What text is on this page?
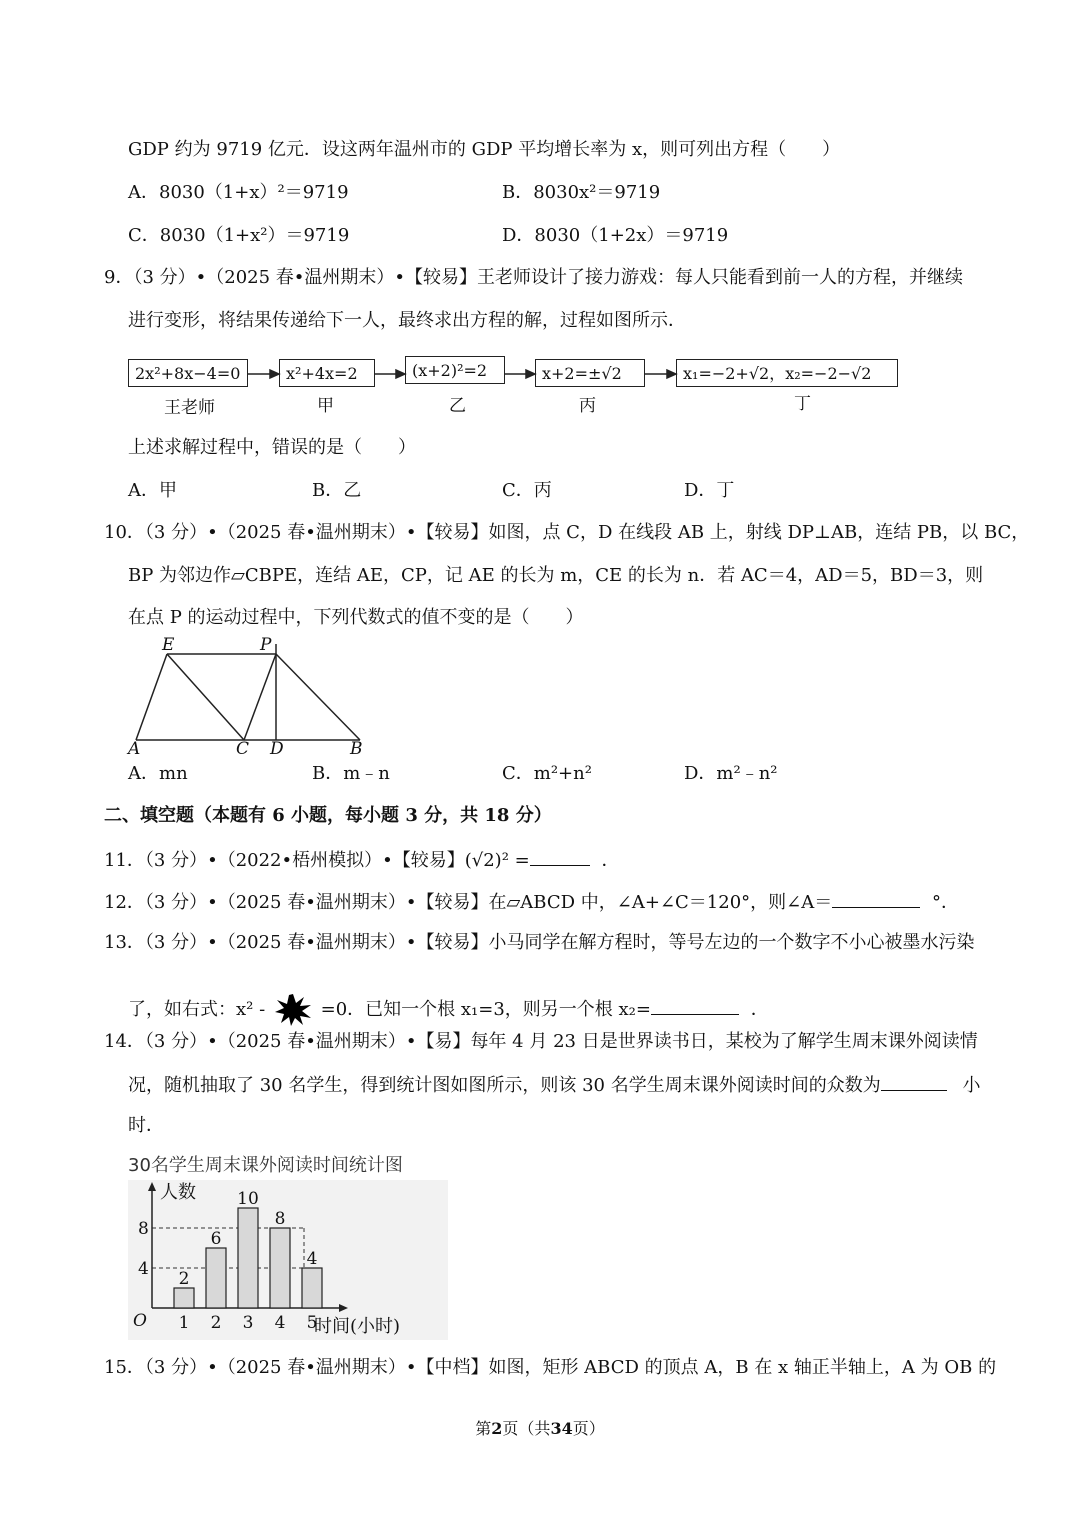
GDP 约为 9719 亿元．设这两年温州市的 GDP 平均增长率为 x，则可列出方程（　　）
A．8030（1+x）²＝9719	B．8030x²＝9719
C．8030（1+x²）＝9719	D．8030（1+2x）＝9719
9．（3 分）•（2025 春•温州期末）•【较易】王老师设计了接力游戏：每人只能看到前一人的方程，并继续
进行变形，将结果传递给下一人，最终求出方程的解，过程如图所示．
2x²+8x−4=0	x²+4x=2	(x+2)²=2	x+2=±√2	x₁=−2+√2，x₂=−2−√2
王老师	甲	乙	丙	丁
上述求解过程中，错误的是（　　）
A．甲	B．乙	C．丙	D．丁
10．（3 分）•（2025 春•温州期末）•【较易】如图，点 C，D 在线段 AB 上，射线 DP⊥AB，连结 PB，以 BC，
BP 为邻边作▱CBPE，连结 AE，CP，记 AE 的长为 m，CE 的长为 n．若 AC＝4，AD＝5，BD＝3，则
在点 P 的运动过程中，下列代数式的值不变的是（　　）
E	P
A	C D	B
A．mn	B．m﹣n	C．m²+n²	D．m²﹣n²
二、填空题（本题有 6 小题，每小题 3 分，共 18 分）
11．（3 分）•（2022•梧州模拟）•【较易】(√2)² =	．
12．（3 分）•（2025 春•温州期末）•【较易】在▱ABCD 中，∠A+∠C＝120°，则∠A＝	°．
13．（3 分）•（2025 春•温州期末）•【较易】小马同学在解方程时，等号左边的一个数字不小心被墨水污染
了，如右式：x² -	=0．已知一个根 x₁=3，则另一个根 x₂=	．
14．（3 分）•（2025 春•温州期末）•【易】每年 4 月 23 日是世界读书日，某校为了解学生周末课外阅读情
况，随机抽取了 30 名学生，得到统计图如图所示，则该 30 名学生周末课外阅读时间的众数为	小
时．
30名学生周末课外阅读时间统计图
4
8
2
1
6
2
10
3
8
4
4
5
O
人数
时间(小时)
15．（3 分）•（2025 春•温州期末）•【中档】如图，矩形 ABCD 的顶点 A，B 在 x 轴正半轴上，A 为 OB 的
第2页（共34页）
